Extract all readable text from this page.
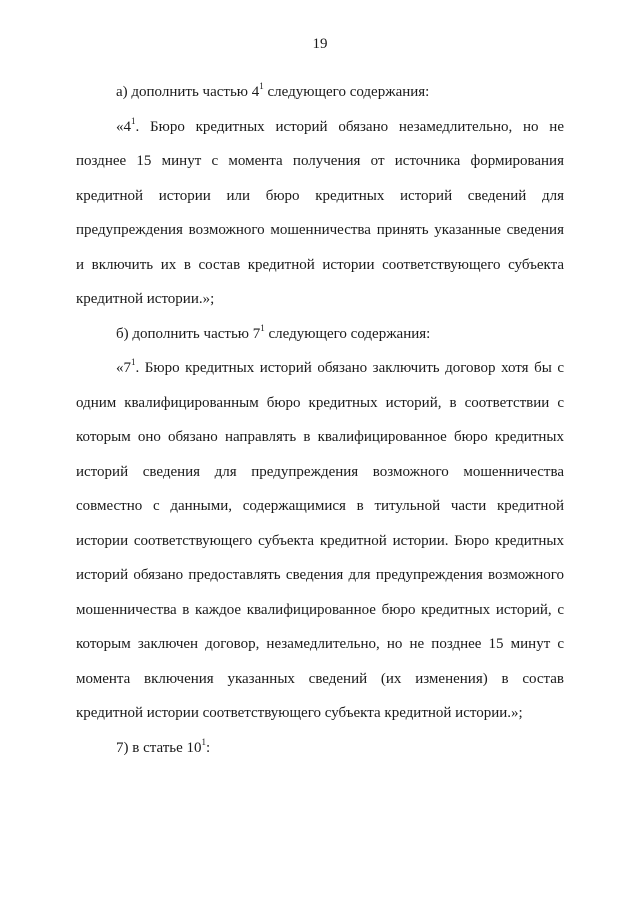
19

а) дополнить частью $4^1$ следующего содержания:

«$4^1$. Бюро кредитных историй обязано незамедлительно, но не позднее 15 минут с момента получения от источника формирования кредитной истории или бюро кредитных историй сведений для предупреждения возможного мошенничества принять указанные сведения и включить их в состав кредитной истории соответствующего субъекта кредитной истории.»;

б) дополнить частью $7^1$ следующего содержания:

«$7^1$. Бюро кредитных историй обязано заключить договор хотя бы с одним квалифицированным бюро кредитных историй, в соответствии с которым оно обязано направлять в квалифицированное бюро кредитных историй сведения для предупреждения возможного мошенничества совместно с данными, содержащимися в титульной части кредитной истории соответствующего субъекта кредитной истории. Бюро кредитных историй обязано предоставлять сведения для предупреждения возможного мошенничества в каждое квалифицированное бюро кредитных историй, с которым заключен договор, незамедлительно, но не позднее 15 минут с момента включения указанных сведений (их изменения) в состав кредитной истории соответствующего субъекта кредитной истории.»;

7) в статье $10^1$:
